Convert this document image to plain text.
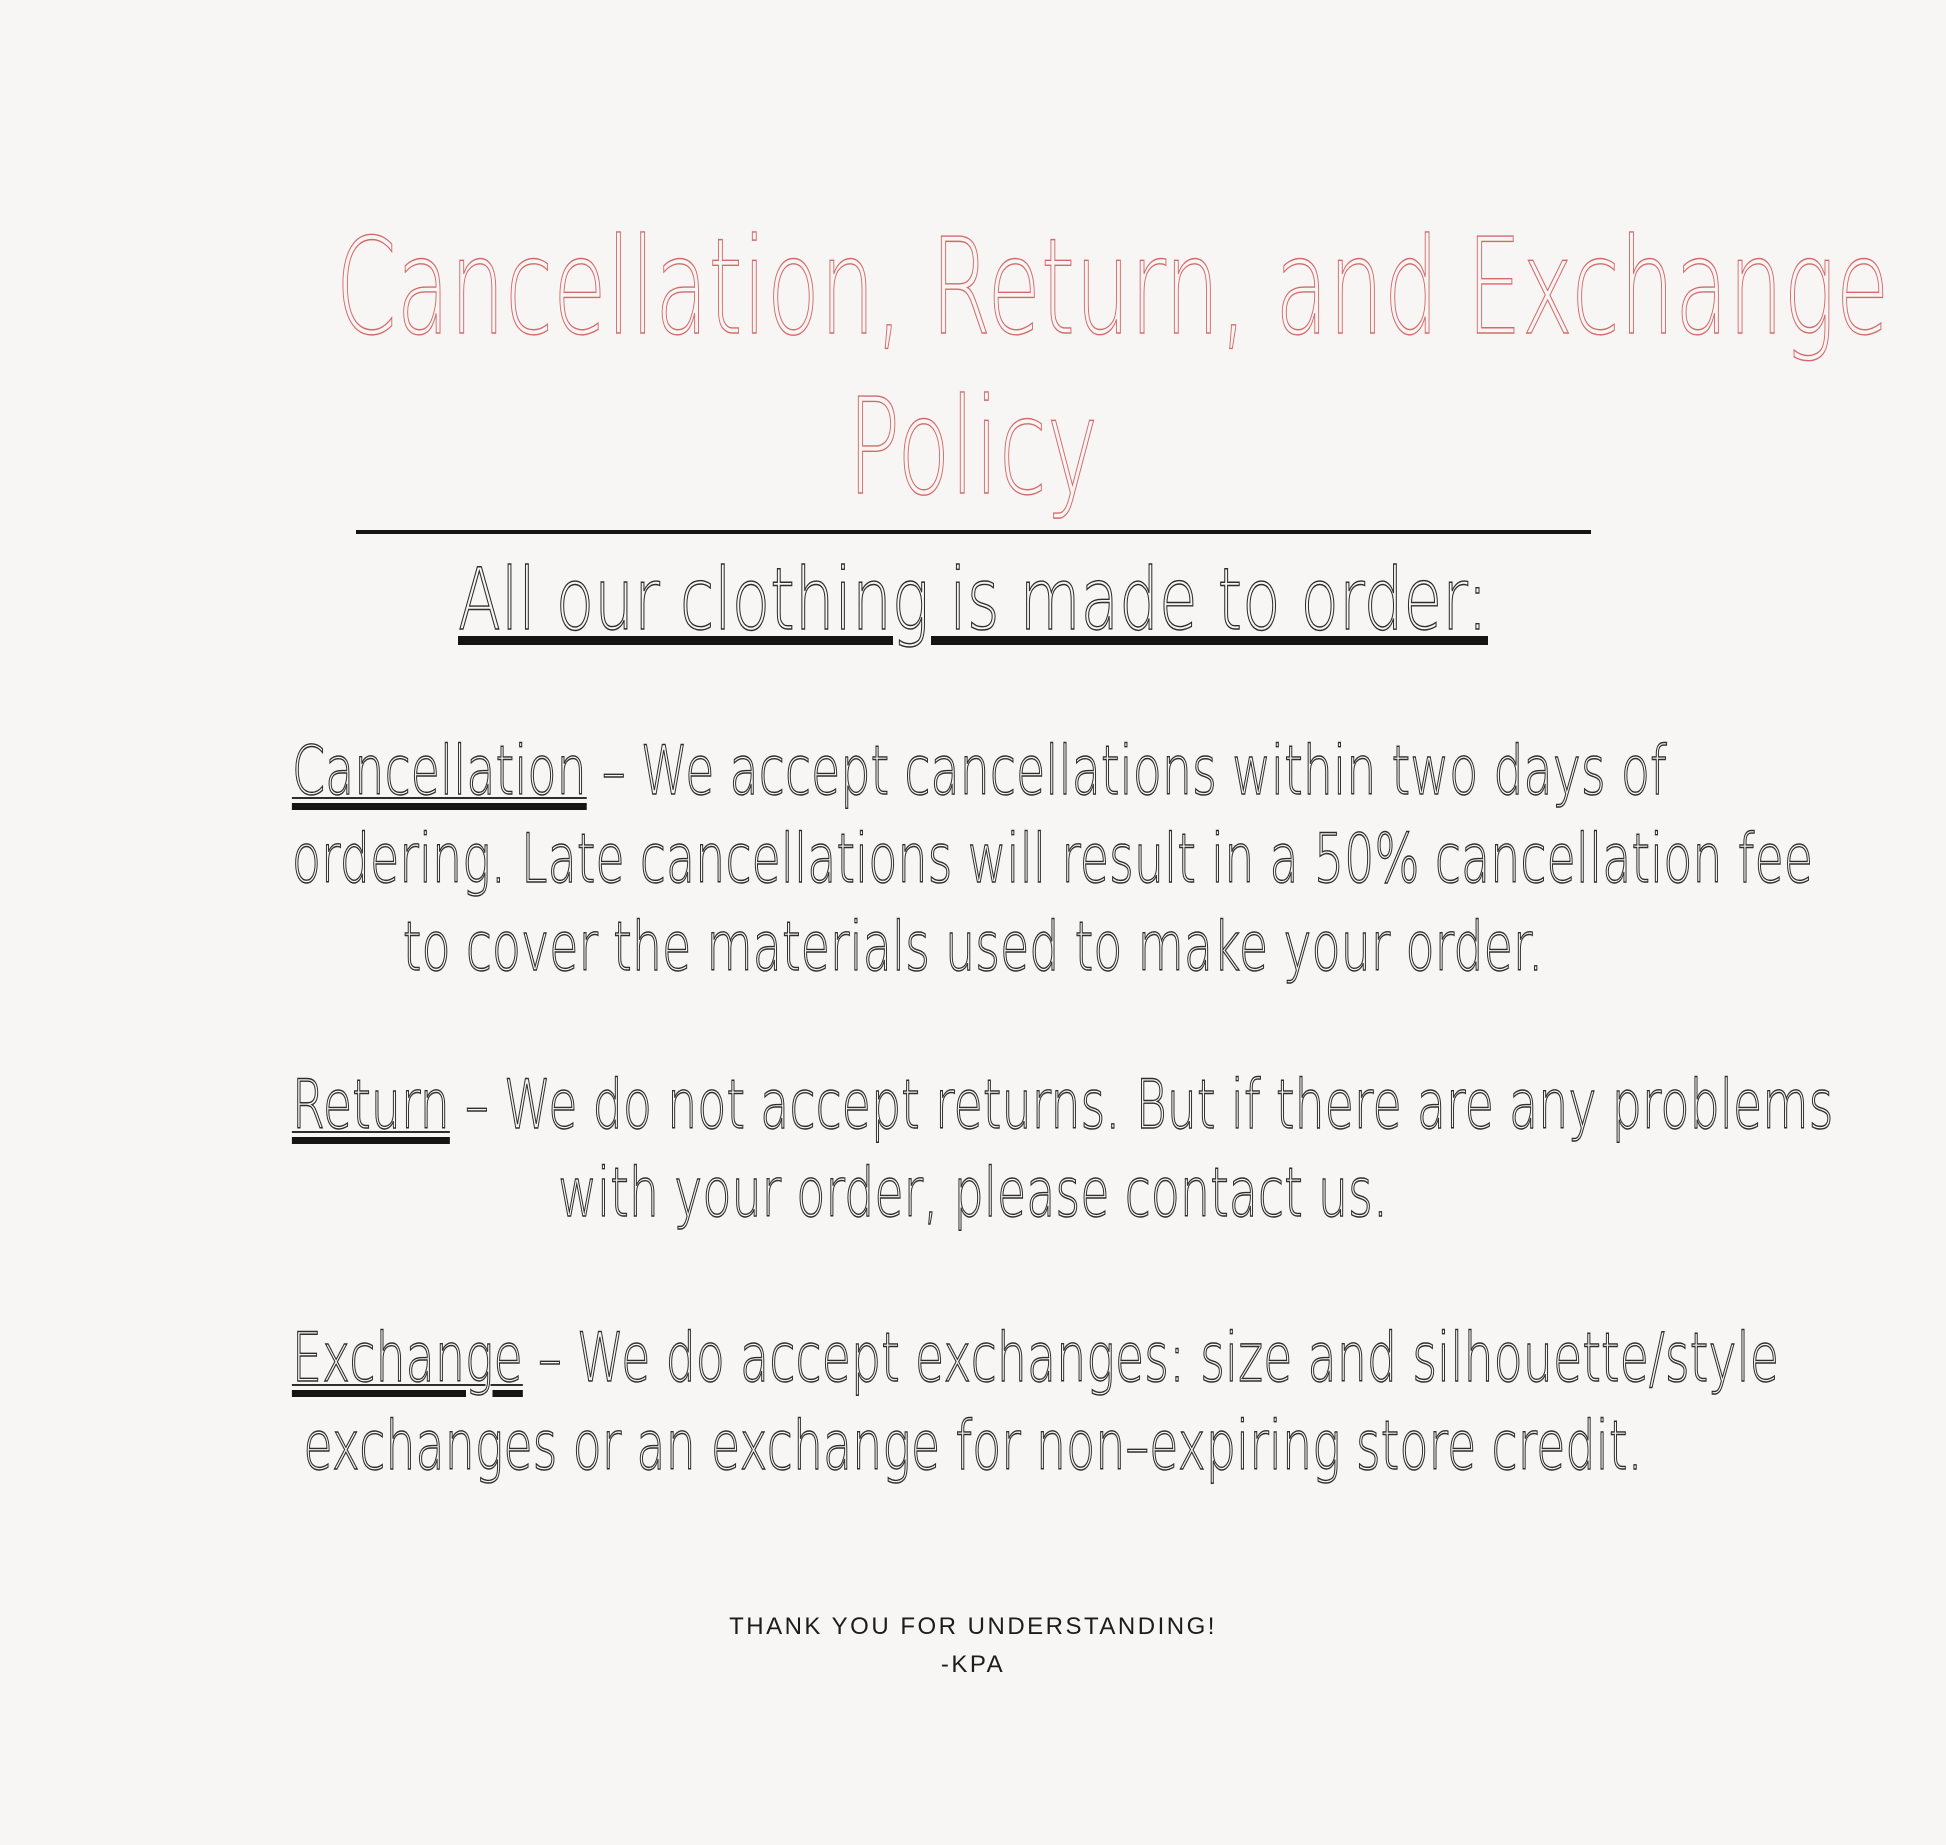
Cancellation, Return, and Exchange
Policy
All our clothing is made to order:
Cancellation – We accept cancellations within two days of
ordering. Late cancellations will result in a 50% cancellation fee
to cover the materials used to make your order.
Return – We do not accept returns. But if there are any problems
with your order, please contact us.
Exchange – We do accept exchanges: size and silhouette/style
exchanges or an exchange for non–expiring store credit.
THANK YOU FOR UNDERSTANDING!
-KPA
